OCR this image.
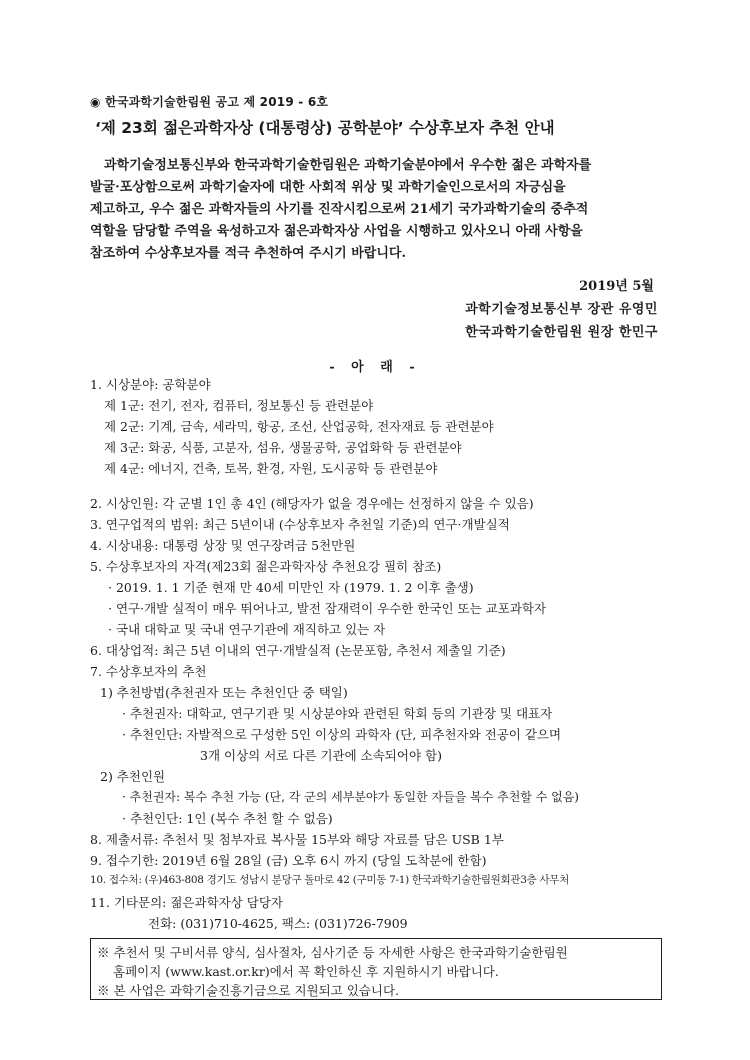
◉ 한국과학기술한림원 공고 제 2019 - 6호
‘제 23회 젊은과학자상 (대통령상) 공학분야’ 수상후보자 추천 안내
과학기술정보통신부와 한국과학기술한림원은 과학기술분야에서 우수한 젊은 과학자를
발굴·포상함으로써 과학기술자에 대한 사회적 위상 및 과학기술인으로서의 자긍심을
제고하고, 우수 젊은 과학자들의 사기를 진작시킴으로써 21세기 국가과학기술의 중추적
역할을 담당할 주역을 육성하고자 젊은과학자상 사업을 시행하고 있사오니 아래 사항을
참조하여 수상후보자를 적극 추천하여 주시기 바랍니다.
2019년 5월
과학기술정보통신부 장관 유영민
한국과학기술한림원 원장 한민구
- 아 래 -
1. 시상분야: 공학분야
제 1군: 전기, 전자, 컴퓨터, 정보통신 등 관련분야
제 2군: 기계, 금속, 세라믹, 항공, 조선, 산업공학, 전자재료 등 관련분야
제 3군: 화공, 식품, 고분자, 섬유, 생물공학, 공업화학 등 관련분야
제 4군: 에너지, 건축, 토목, 환경, 자원, 도시공학 등 관련분야
2. 시상인원: 각 군별 1인 총 4인 (해당자가 없을 경우에는 선정하지 않을 수 있음)
3. 연구업적의 범위: 최근 5년이내 (수상후보자 추천일 기준)의 연구·개발실적
4. 시상내용: 대통령 상장 및 연구장려금 5천만원
5. 수상후보자의 자격(제23회 젊은과학자상 추천요강 필히 참조)
· 2019. 1. 1 기준 현재 만 40세 미만인 자 (1979. 1. 2 이후 출생)
· 연구·개발 실적이 매우 뛰어나고, 발전 잠재력이 우수한 한국인 또는 교포과학자
· 국내 대학교 및 국내 연구기관에 재직하고 있는 자
6. 대상업적: 최근 5년 이내의 연구·개발실적 (논문포함, 추천서 제출일 기준)
7. 수상후보자의 추천
1) 추천방법(추천권자 또는 추천인단 중 택일)
· 추천권자: 대학교, 연구기관 및 시상분야와 관련된 학회 등의 기관장 및 대표자
· 추천인단: 자발적으로 구성한 5인 이상의 과학자 (단, 피추천자와 전공이 같으며
3개 이상의 서로 다른 기관에 소속되어야 함)
2) 추천인원
· 추천권자: 복수 추천 가능 (단, 각 군의 세부분야가 동일한 자들을 복수 추천할 수 없음)
· 추천인단: 1인 (복수 추천 할 수 없음)
8. 제출서류: 추천서 및 첨부자료 복사물 15부와 해당 자료를 담은 USB 1부
9. 접수기한: 2019년 6월 28일 (금) 오후 6시 까지 (당일 도착분에 한함)
10. 접수처: (우)463-808 경기도 성남시 분당구 돌마로 42 (구미동 7-1) 한국과학기술한림원회관3층 사무처
11. 기타문의: 젊은과학자상 담당자
전화: (031)710-4625, 팩스: (031)726-7909
※ 추천서 및 구비서류 양식, 심사절차, 심사기준 등 자세한 사항은 한국과학기술한림원
홈페이지 (www.kast.or.kr)에서 꼭 확인하신 후 지원하시기 바랍니다.
※ 본 사업은 과학기술진흥기금으로 지원되고 있습니다.
